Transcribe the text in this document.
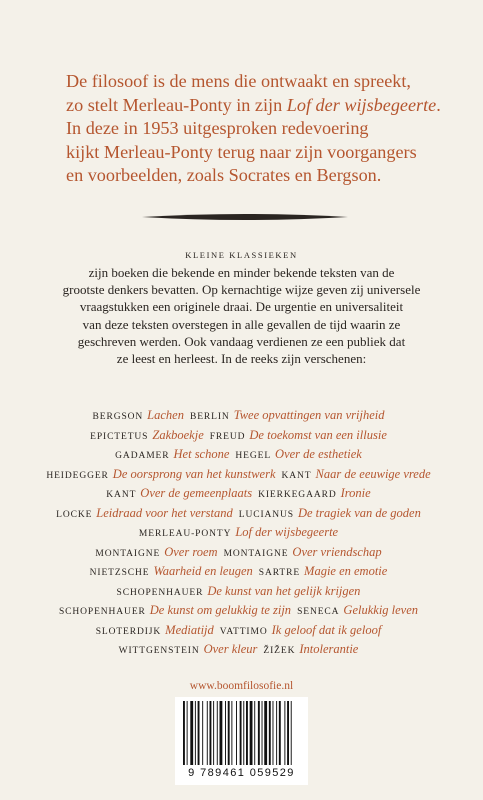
De filosoof is de mens die ontwaakt en spreekt,
zo stelt Merleau-Ponty in zijn Lof der wijsbegeerte.
In deze in 1953 uitgesproken redevoering
kijkt Merleau-Ponty terug naar zijn voorgangers
en voorbeelden, zoals Socrates en Bergson.
KLEINE KLASSIEKEN
zijn boeken die bekende en minder bekende teksten van de
grootste denkers bevatten. Op kernachtige wijze geven zij universele
vraagstukken een originele draai. De urgentie en universaliteit
van deze teksten overstegen in alle gevallen de tijd waarin ze
geschreven werden. Ook vandaag verdienen ze een publiek dat
ze leest en herleest. In de reeks zijn verschenen:
BERGSON Lachen BERLIN Twee opvattingen van vrijheid
EPICTETUS Zakboekje FREUD De toekomst van een illusie
GADAMER Het schone HEGEL Over de esthetiek
HEIDEGGER De oorsprong van het kunstwerk KANT Naar de eeuwige vrede
KANT Over de gemeenplaats KIERKEGAARD Ironie
LOCKE Leidraad voor het verstand LUCIANUS De tragiek van de goden
MERLEAU-PONTY Lof der wijsbegeerte
MONTAIGNE Over roem MONTAIGNE Over vriendschap
NIETZSCHE Waarheid en leugen SARTRE Magie en emotie
SCHOPENHAUER De kunst van het gelijk krijgen
SCHOPENHAUER De kunst om gelukkig te zijn SENECA Gelukkig leven
SLOTERDIJK Mediatijd VATTIMO Ik geloof dat ik geloof
WITTGENSTEIN Over kleur ŽIŽEK Intolerantie
www.boomfilosofie.nl
9 789461 059529
